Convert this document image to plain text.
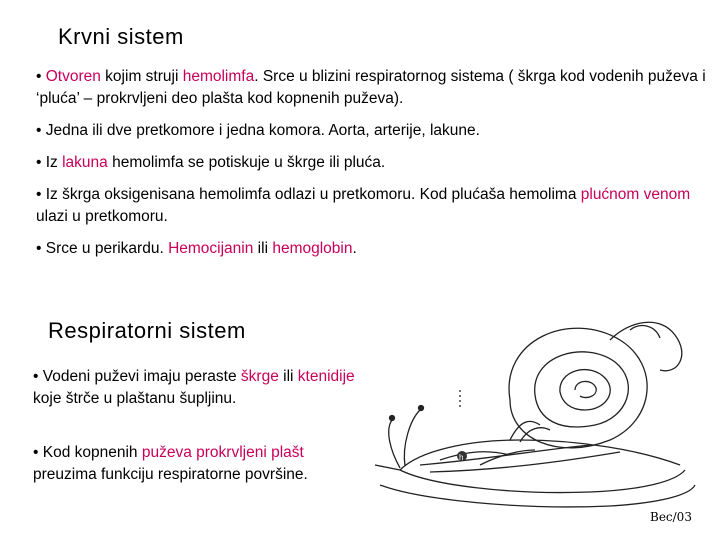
Krvni sistem
• Otvoren kojim struji hemolimfa. Srce u blizini respiratornog sistema ( škrga kod vodenih puževa i ‘pluća’ – prokrvljeni deo plašta kod kopnenih puževa).
• Jedna ili dve pretkomore i jedna komora. Aorta, arterije, lakune.
• Iz lakuna hemolimfa se potiskuje u škrge ili pluća.
• Iz škrga oksigenisana hemolimfa odlazi u pretkomoru. Kod plućaša hemolima plućnom venom ulazi u pretkomoru.
• Srce u perikardu. Hemocijanin ili hemoglobin.
Respiratorni sistem
• Vodeni puževi imaju peraste škrge ili ktenidije koje štrče u plaštanu šupljinu.
• Kod kopnenih puževa prokrvljeni plašt preuzima funkciju respiratorne površine.
h
Bec/03
